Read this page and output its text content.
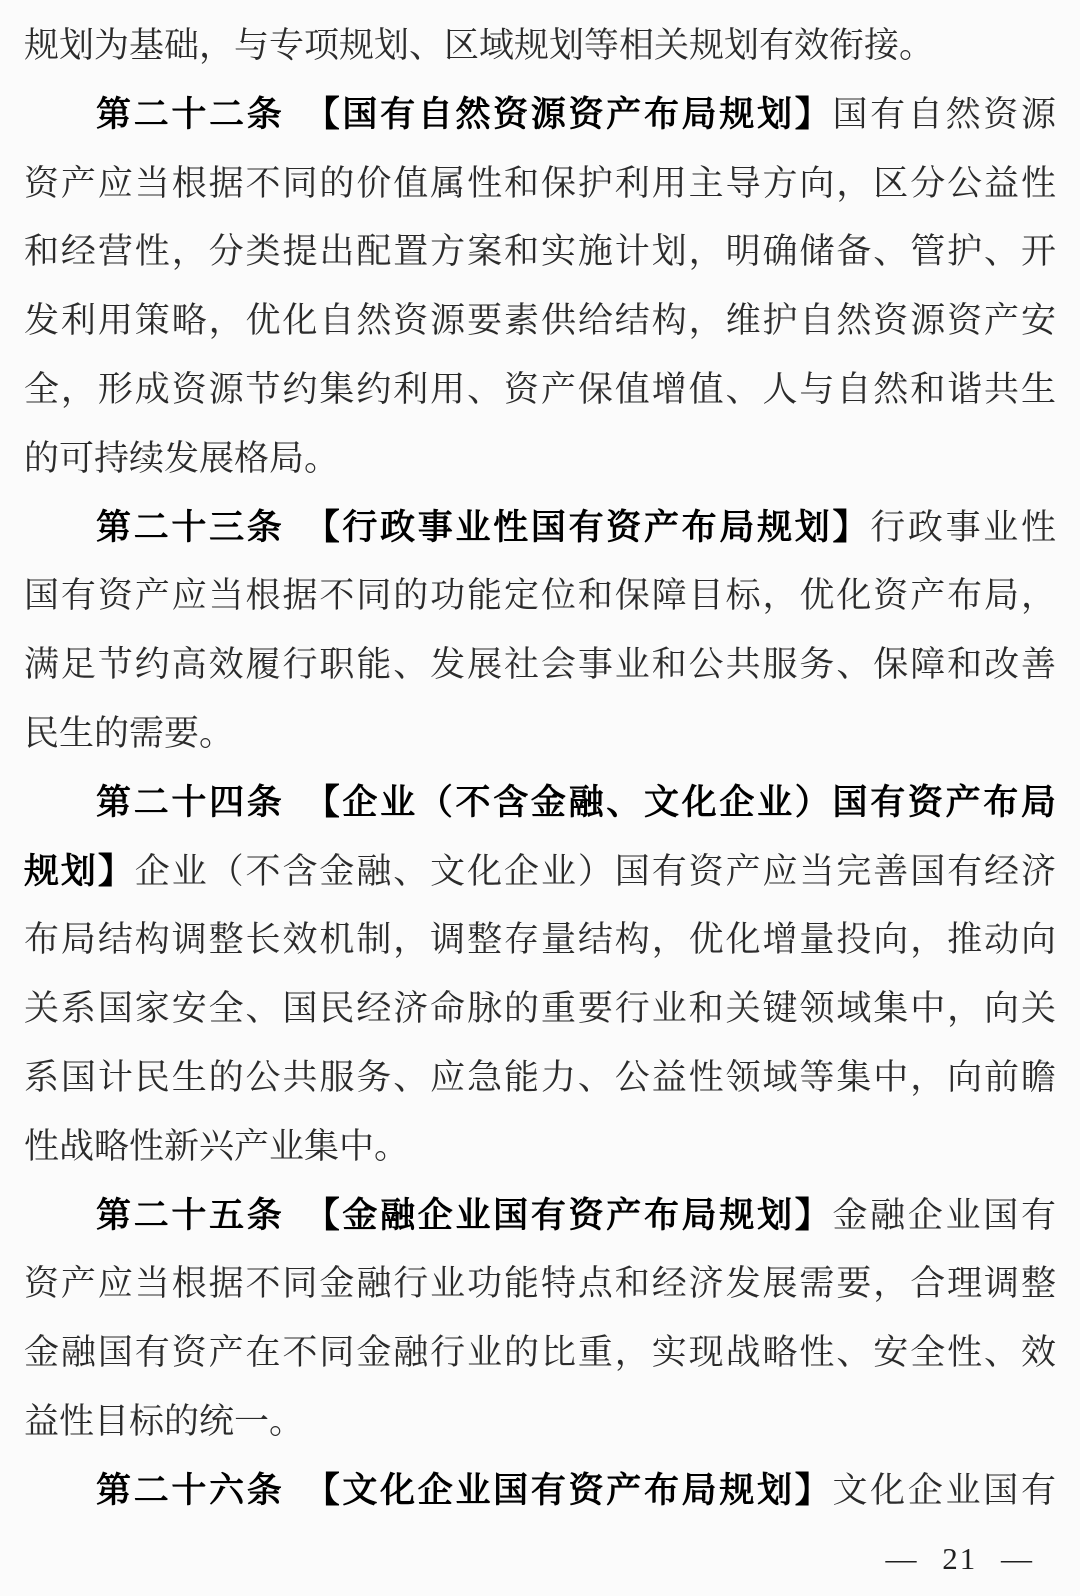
规划为基础，与专项规划、区域规划等相关规划有效衔接。
第二十二条　【国有自然资源资产布局规划】国有自然资源
资产应当根据不同的价值属性和保护利用主导方向，区分公益性
和经营性，分类提出配置方案和实施计划，明确储备、管护、开
发利用策略，优化自然资源要素供给结构，维护自然资源资产安
全，形成资源节约集约利用、资产保值增值、人与自然和谐共生
的可持续发展格局。
第二十三条　【行政事业性国有资产布局规划】行政事业性
国有资产应当根据不同的功能定位和保障目标，优化资产布局，
满足节约高效履行职能、发展社会事业和公共服务、保障和改善
民生的需要。
第二十四条　【企业（不含金融、文化企业）国有资产布局
规划】企业（不含金融、文化企业）国有资产应当完善国有经济
布局结构调整长效机制，调整存量结构，优化增量投向，推动向
关系国家安全、国民经济命脉的重要行业和关键领域集中，向关
系国计民生的公共服务、应急能力、公益性领域等集中，向前瞻
性战略性新兴产业集中。
第二十五条　【金融企业国有资产布局规划】金融企业国有
资产应当根据不同金融行业功能特点和经济发展需要，合理调整
金融国有资产在不同金融行业的比重，实现战略性、安全性、效
益性目标的统一。
第二十六条　【文化企业国有资产布局规划】文化企业国有
— 21 —
